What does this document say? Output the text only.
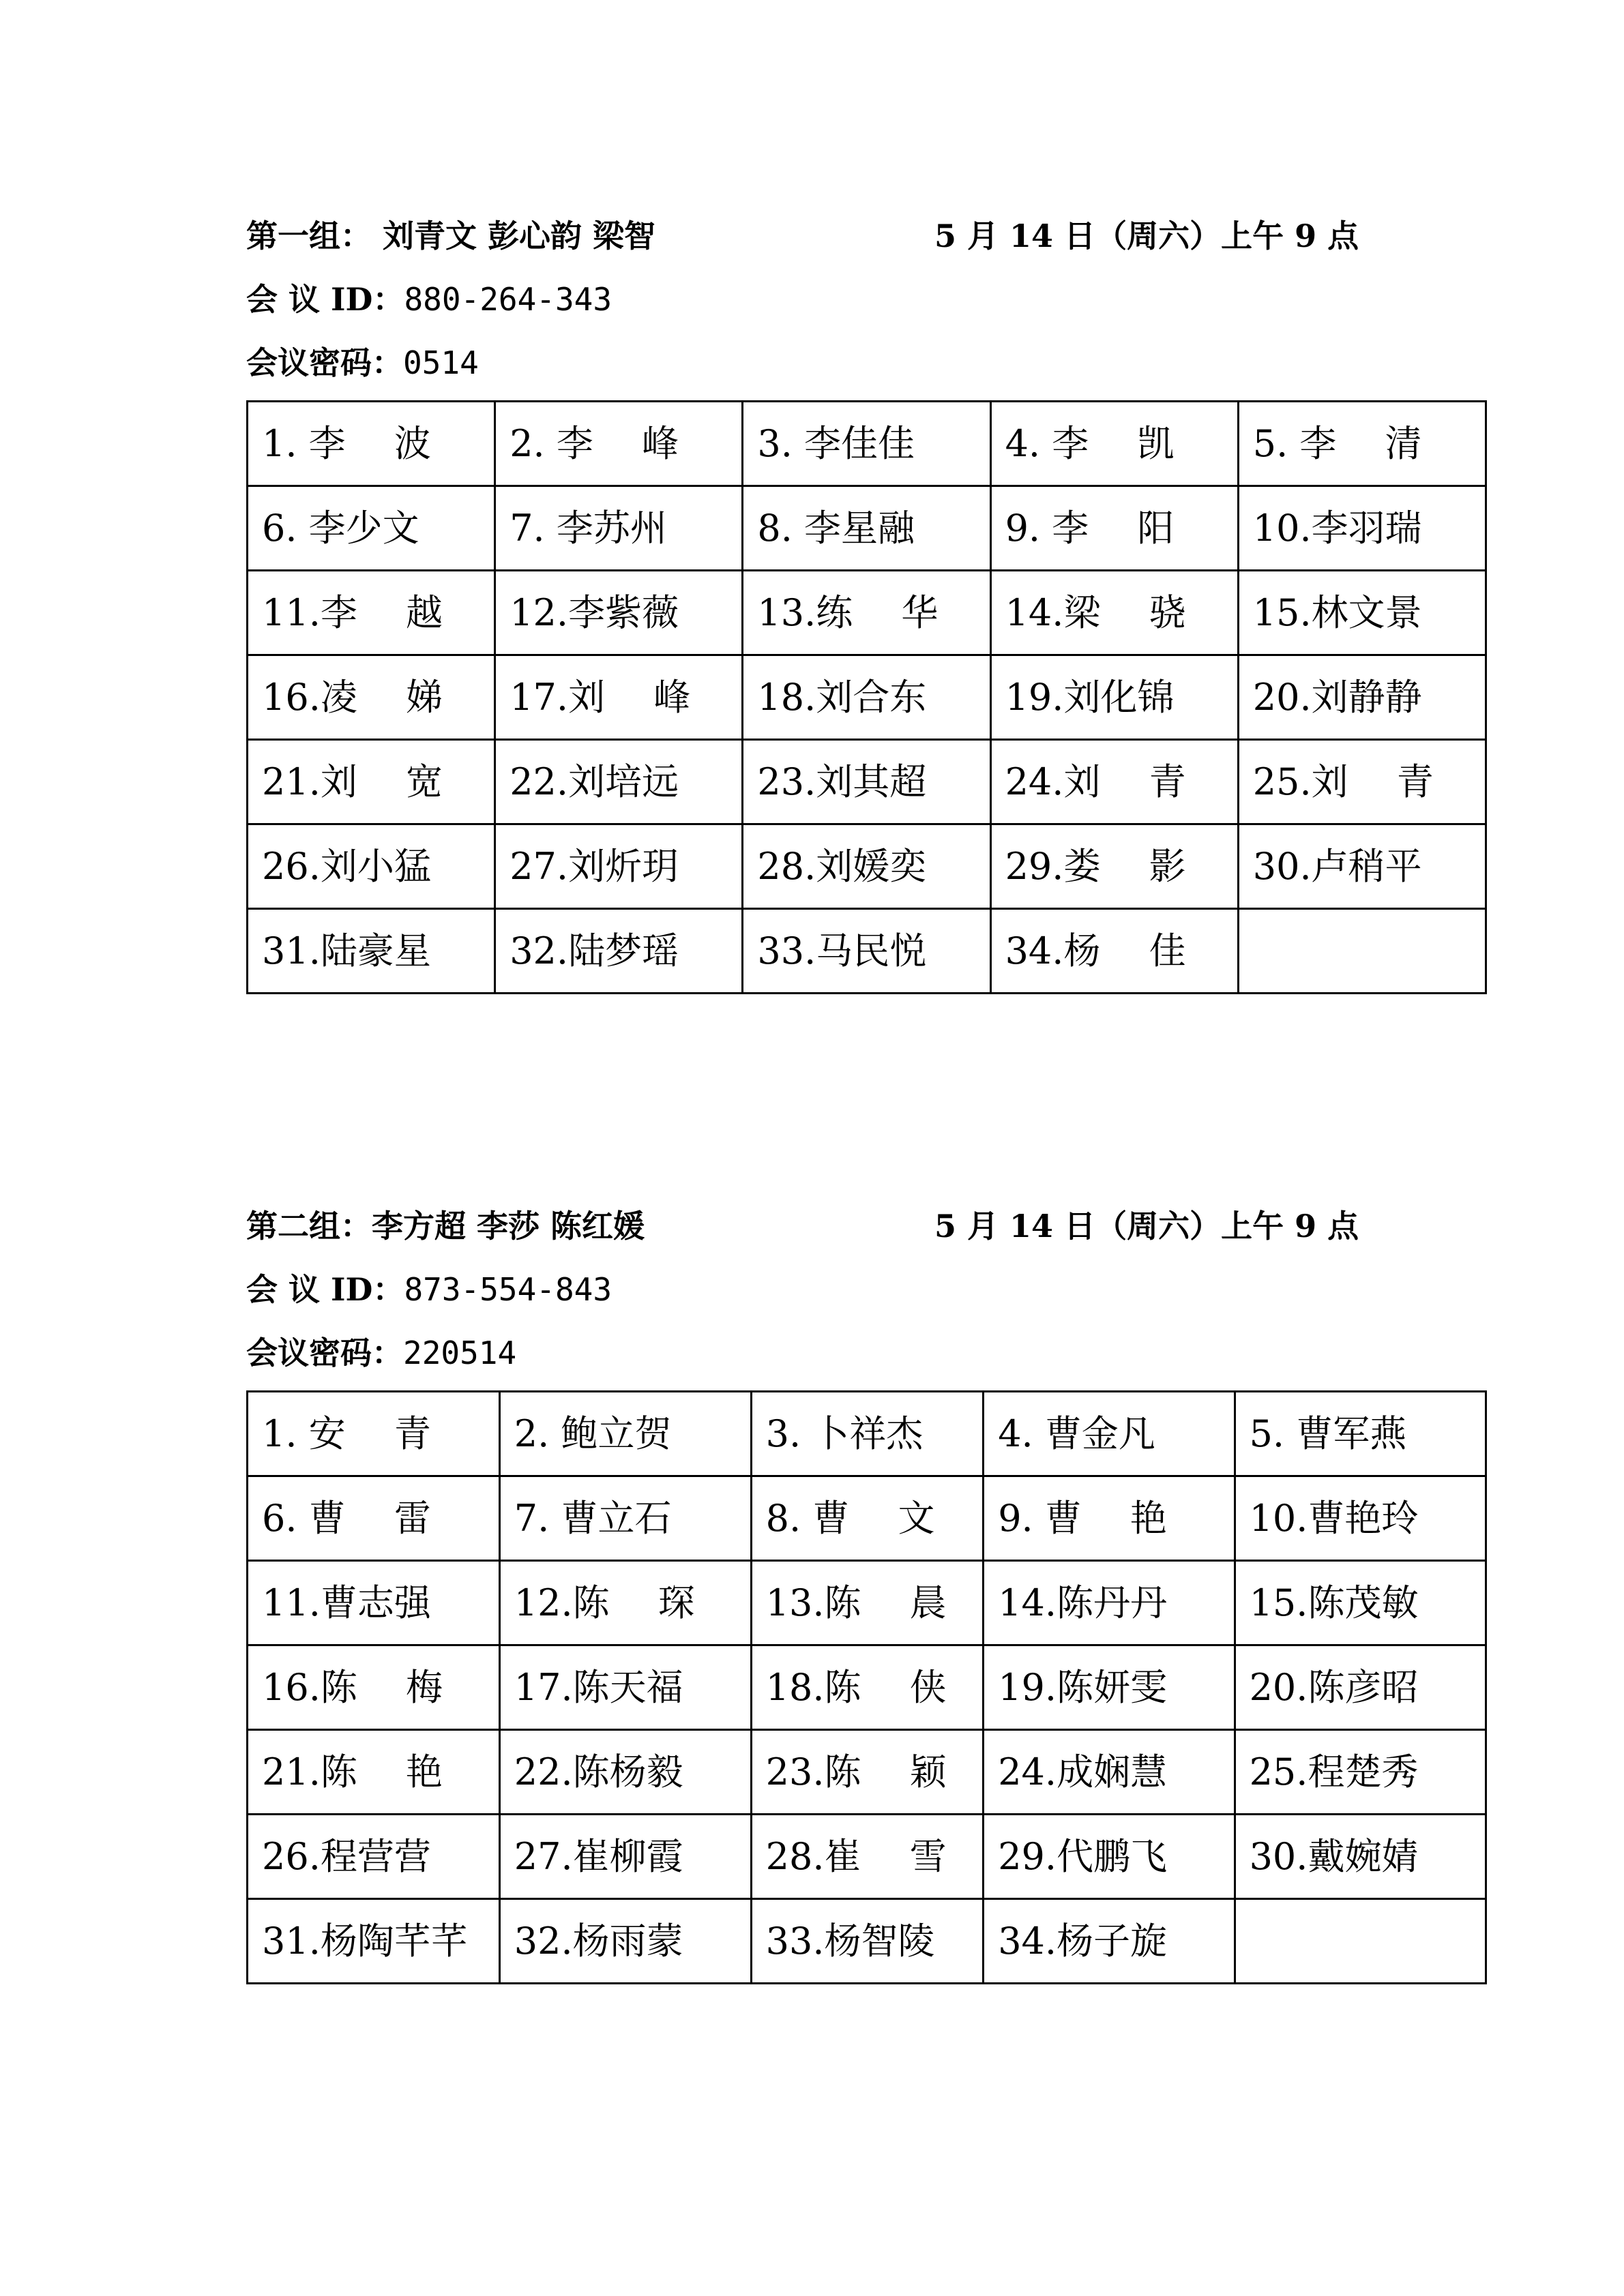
第一组： 刘青文 彭心韵 梁智	5 月 14 日（周六）上午 9 点
会 议 ID：880-264-343
会议密码：0514
1. 李　 波	2. 李　 峰	3. 李佳佳	4. 李　 凯	5. 李　 清
6. 李少文	7. 李苏州	8. 李星融	9. 李　 阳	10.李羽瑞
11.李　 越	12.李紫薇	13.练　 华	14.梁　 骁	15.林文景
16.凌　 娣	17.刘　 峰	18.刘合东	19.刘化锦	20.刘静静
21.刘　 宽	22.刘培远	23.刘其超	24.刘　 青	25.刘　 青
26.刘小猛	27.刘炘玥	28.刘媛奕	29.娄　 影	30.卢稍平
31.陆豪星	32.陆梦瑶	33.马民悦	34.杨　 佳	
第二组：李方超 李莎 陈红媛	5 月 14 日（周六）上午 9 点
会 议 ID：873-554-843
会议密码：220514
1. 安　 青	2. 鲍立贺	3. 卜祥杰	4. 曹金凡	5. 曹军燕
6. 曹　 雷	7. 曹立石	8. 曹　 文	9. 曹　 艳	10.曹艳玲
11.曹志强	12.陈　 琛	13.陈　 晨	14.陈丹丹	15.陈茂敏
16.陈　 梅	17.陈天福	18.陈　 侠	19.陈妍雯	20.陈彦昭
21.陈　 艳	22.陈杨毅	23.陈　 颖	24.成娴慧	25.程楚秀
26.程营营	27.崔柳霞	28.崔　 雪	29.代鹏飞	30.戴婉婧
31.杨陶芊芊	32.杨雨蒙	33.杨智陵	34.杨子旋	
